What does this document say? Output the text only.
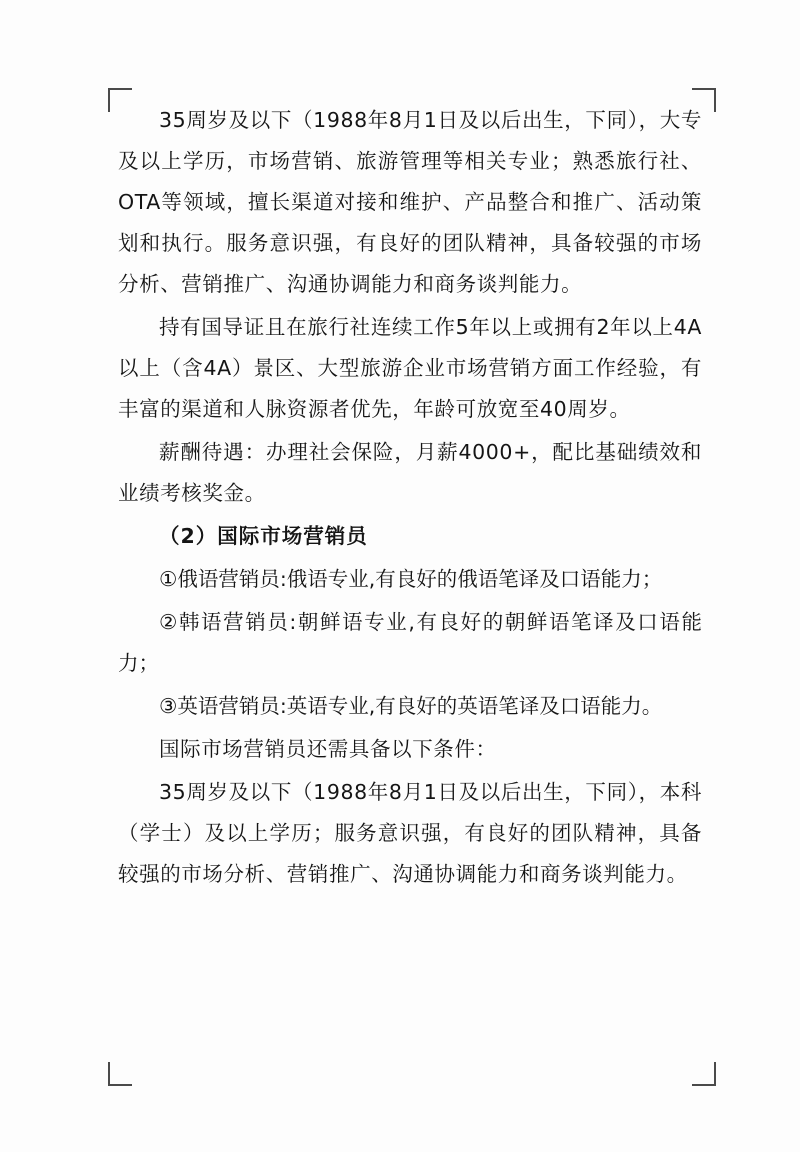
35周岁及以下（1988年8月1日及以后出生，下同），大专及以上学历，市场营销、旅游管理等相关专业；熟悉旅行社、OTA等领域，擅长渠道对接和维护、产品整合和推广、活动策划和执行。服务意识强，有良好的团队精神，具备较强的市场分析、营销推广、沟通协调能力和商务谈判能力。

持有国导证且在旅行社连续工作5年以上或拥有2年以上4A以上（含4A）景区、大型旅游企业市场营销方面工作经验，有丰富的渠道和人脉资源者优先，年龄可放宽至40周岁。

薪酬待遇：办理社会保险，月薪4000+，配比基础绩效和业绩考核奖金。

（2）国际市场营销员

①俄语营销员:俄语专业,有良好的俄语笔译及口语能力；

②韩语营销员:朝鲜语专业,有良好的朝鲜语笔译及口语能力；

③英语营销员:英语专业,有良好的英语笔译及口语能力。

国际市场营销员还需具备以下条件：

35周岁及以下（1988年8月1日及以后出生，下同），本科（学士）及以上学历；服务意识强，有良好的团队精神，具备较强的市场分析、营销推广、沟通协调能力和商务谈判能力。
